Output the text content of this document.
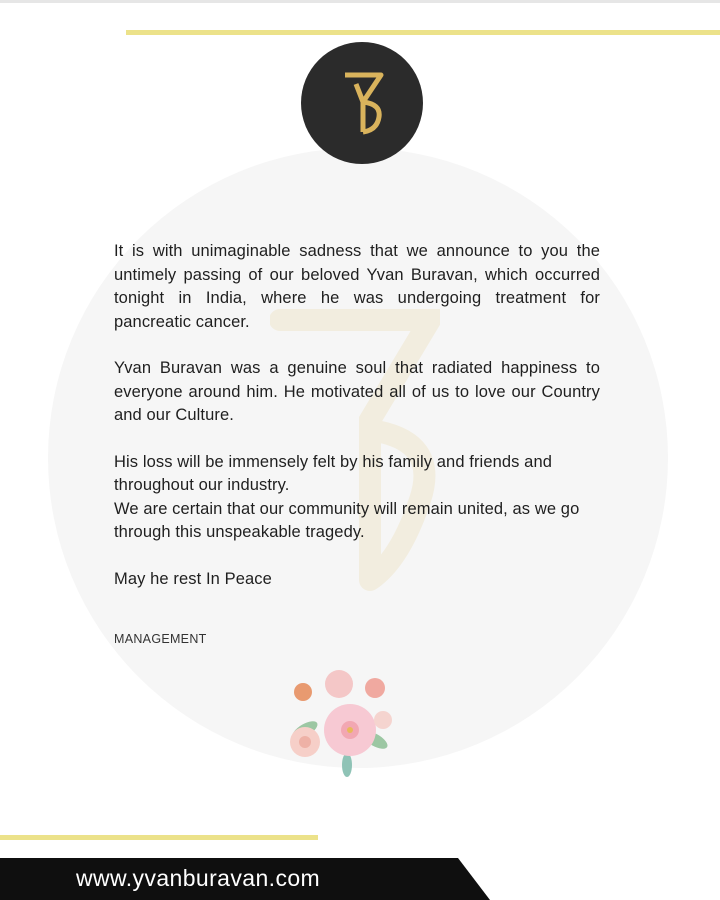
It is with unimaginable sadness that we announce to you the untimely passing of our beloved Yvan Buravan, which occurred tonight in India, where he was undergoing treatment for pancreatic cancer.

Yvan Buravan was a genuine soul that radiated happiness to everyone around him. He motivated all of us to love our Country and our Culture.

His loss will be immensely felt by his family and friends and throughout our industry.

We are certain that our community will remain united, as we go through this unspeakable tragedy.

May he rest In Peace

MANAGEMENT
www.yvanburavan.com
